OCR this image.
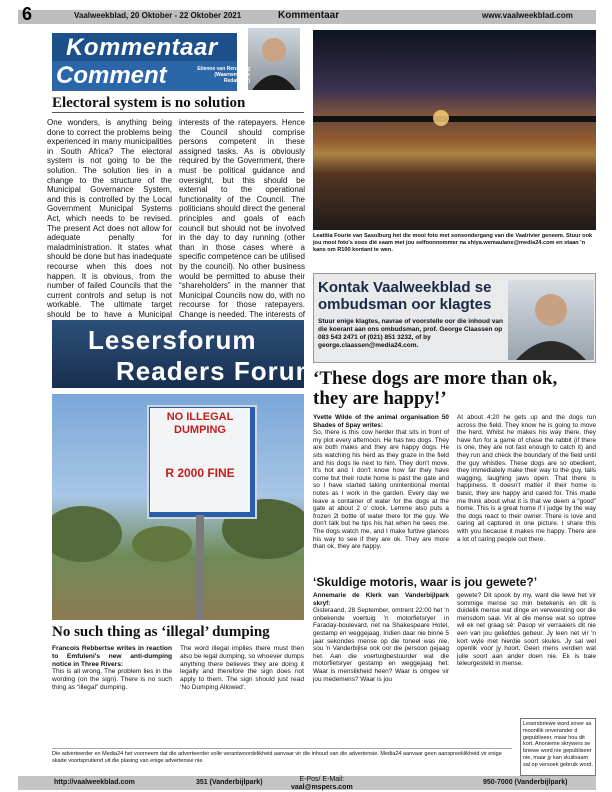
6	Vaalweekblad, 20 Oktober - 22 Oktober 2021	Kommentaar	www.vaalweekblad.com
Kommentaar
Comment	Etienne van Rensburg (Waarnemende Redakteur)
Electoral system is no solution

One wonders, is anything being done to correct the problems being experienced in many municipalities in South Africa? The electoral system is not going to be the solution. The solution lies in a change to the structure of the Municipal Governance System, and this is controlled by the Local Government Municipal Systems Act, which needs to be revised. The present Act does not allow for adequate penalty for maladministration. It states what should be done but has inadequate recourse when this does not happen. It is obvious, from the number of failed Councils that the current controls and setup is not workable. The ultimate target should be to have a Municipal

interests of the ratepayers. Hence the Council should comprise persons competent in these assigned tasks. As is obviously required by the Government, there must be political guidance and oversight, but this should be external to the operational functionality of the Council. The politicians should direct the general principles and goals of each council but should not be involved in the day to day running (other than in those cases where a specific competence can be utilised by the council). No other business would be permitted to abuse their “shareholders” in the manner that Municipal Councils now do, with no recourse for those ratepayers. Change is needed. The interests of

Leatitia Fourie van Sasolburg het die mooi foto met sonsondergang van die Vaalrivier geneem. Stuur ook jou mooi foto's soos dié saam met jou selfoonnommer na shiya.wemaulane@media24.com en staan 'n kans om R100 kontant te wen.
Kontak Vaalweekblad se ombudsman oor klagtes
Stuur enige klagtes, navrae of voorstelle oor die inhoud van die koerant aan ons ombudsman, prof. George Claassen op 083 543 2471 of (021) 851 3232, of by george.claassen@media24.com.
Lesersforum
Readers Forum
‘These dogs are more than ok, they are happy!’

Yvette Wilde of the animal organisation 50 Shades of Spay writes:

So, there is this cow herder that sits in front of my plot every afternoon. He has two dogs. They are both males and they are happy dogs. He sits watching his herd as they graze in the field and his dogs lie next to him. They don't move. It's hot and I don't know how far they have come but their route home is past the gate and so I have started taking unintentional mental notes as I work in the garden. Every day we leave a container of water for the dogs at the gate at about 2 o' clock. Lemme also puts a frozen 2l bottle of water there for the guy. We don't talk but he tips his hat when he sees me. The dogs watch me, and I make furtive glances his way to see if they are ok. They are more than ok, they are happy.

At about 4:20 he gets up and the dogs run across the field. They know he is going to move the herd. Whilst he makes his way there, they have fun for a game of chase the rabbit (if there is one, they are not fast enough to catch it) and they run and check the boundary of the field until the guy whistles. These dogs are so obedient, they immediately make their way to the guy, tails wagging, laughing jaws open. That there is happiness. It doesn't matter if their home is basic, they are happy and cared for. This made me think about what it is that we deem a “good” home. This is a great home if I judge by the way the dogs react to their owner. There is love and caring all captured in one picture. I share this with you because it makes me happy. There are a lot of caring people out there.

‘Skuldige motoris, waar is jou gewete?’

Annemarie de Klerk van Vanderbijlpark skryf:

Gisteraand, 28 September, omtrent 22:00 het 'n onbekende voertuig 'n motorfietsryer in Faraday-boulevard, net na Shakespeare Hotel, gestamp en weggejaag. Indien daar nie binne 5 jaar sekondes mense op die toneel was nie, sou 'n Vanderbijlse ook oor die persoon gejaag het. Aan die voertuigbestuurder wat die motorfietsryer gestamp en weggejaag het: Waar is menslikheid heen? Waar is omgee vir jou medemens? Waar is jou

gewete? Dit spook by my, want die lewe het vir sommige mense so min betekenis en dit is duidelik mense wat dinge en verwoesting oor die mensdom saai. Vir al die mense wat so optree wil ek net graag sê: Pasop vir verraaiers dit nie een van jou geliefdes gebeur. Jy leen net vir 'n kort wyle met hierdie soort skules. Jy sal wel openlik voor jy hoort. Geen mens verdien wat julle soort aan ander doen nie. Ek is baie teleurgesteld in mense.

NO ILLEGAL DUMPING
R 2000 FINE
No such thing as ‘illegal’ dumping

Francois Rebbertse writes in reaction to Emfuleni's new anti-dumping notice in Three Rivers:

This is all wrong. The problem lies in the wording (on the sign). There is no such thing as “illegal” dumping.

The word illegal implies there must then also be legal dumping, so whoever dumps anything there believes they are doing it legally and therefore the sign does not apply to them. The sign should just read ‘No Dumping Allowed’.

Die adverteerder en Media24 het voorneem dat die adverteerder volle verantwoordelikheid aanvaar vir die inhoud van die advertensie. Media24 aanvaar geen aanspreeklikheid vir enige skade voortspruitend uit die plasing van enige advertensie nie.
Lesersbriewe word sover as moontlik onverander d gepubliseer, maar hou dit kort. Anonieme skrywers se briewe word nie gepubliseer nie, maar jy kan skuilnaam sal op versoek gebruik word.
http://vaalweekblad.com	351 (Vanderbijlpark)	E-Pos/ E-Mail:
vaal@mspers.com
950-7000 (Vanderbijlpark)
